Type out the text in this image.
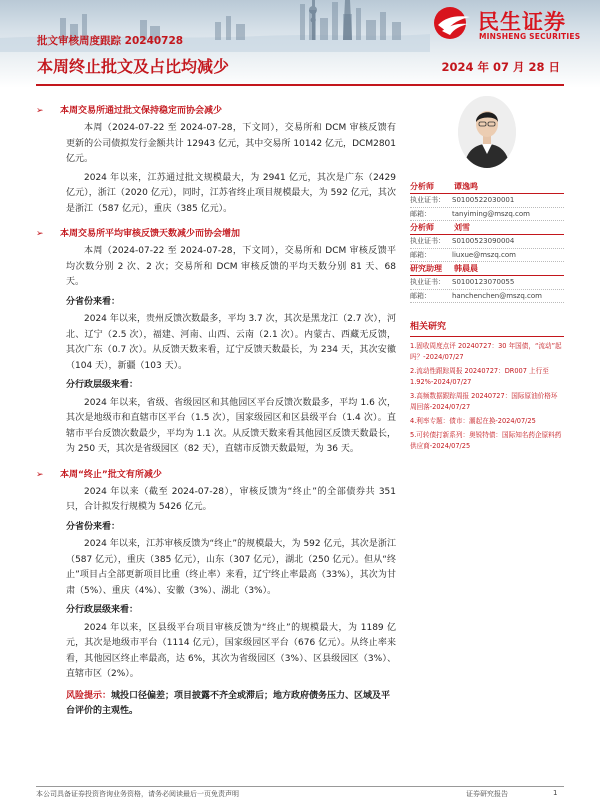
民生证券
MINSHENG SECURITIES
批文审核周度跟踪 20240728
本周终止批文及占比均减少	2024 年 07 月 28 日
➢	本周交易所通过批文保持稳定而协会减少

本周（2024-07-22 至 2024-07-28，下文同），交易所和 DCM 审核反馈有更新的公司债拟发行金额共计 12943 亿元，其中交易所 10142 亿元，DCM2801 亿元。

2024 年以来，江苏通过批文规模最大，为 2941 亿元，其次是广东（2429 亿元），浙江（2020 亿元），同时，江苏省终止项目规模最大，为 592 亿元，其次是浙江（587 亿元），重庆（385 亿元）。

➢	本周交易所平均审核反馈天数减少而协会增加

本周（2024-07-22 至 2024-07-28，下文同），交易所和 DCM 审核反馈平均次数分别 2 次、2 次；交易所和 DCM 审核反馈的平均天数分别 81 天、68 天。

分省份来看：

2024 年以来，贵州反馈次数最多，平均 3.7 次，其次是黑龙江（2.7 次），河北、辽宁（2.5 次），福建、河南、山西、云南（2.1 次）。内蒙古、西藏无反馈，其次广东（0.7 次）。从反馈天数来看，辽宁反馈天数最长，为 234 天，其次安徽（104 天），新疆（103 天）。

分行政层级来看：

2024 年以来，省级、省级园区和其他园区平台反馈次数最多，平均 1.6 次，其次是地级市和直辖市区平台（1.5 次），国家级园区和区县级平台（1.4 次）。直辖市平台反馈次数最少，平均为 1.1 次。从反馈天数来看其他园区反馈天数最长，为 250 天，其次是省级园区（82 天），直辖市反馈天数最短，为 36 天。

➢	本周“终止”批文有所减少

2024 年以来（截至 2024-07-28），审核反馈为“终止”的全部债券共 351 只，合计拟发行规模为 5426 亿元。

分省份来看：

2024 年以来，江苏审核反馈为“终止”的规模最大，为 592 亿元，其次是浙江（587 亿元），重庆（385 亿元），山东（307 亿元），湖北（250 亿元）。但从“终止”项目占全部更新项目比重（终止率）来看，辽宁终止率最高（33%），其次为甘肃（5%）、重庆（4%）、安徽（3%）、湖北（3%）。

分行政层级来看：

2024 年以来，区县级平台项目审核反馈为“终止”的规模最大，为 1189 亿元，其次是地级市平台（1114 亿元），国家级园区平台（676 亿元）。从终止率来看，其他园区终止率最高，达 6%，其次为省级园区（3%）、区县级园区（3%）、直辖市区（2%）。

风险提示：城投口径偏差；项目披露不齐全或滞后；地方政府债务压力、区域及平台评价的主观性。
分析师	谭逸鸣
执业证书：	S0100522030001
邮箱：	tanyiming@mszq.com
分析师	刘雪
执业证书：	S0100523090004
邮箱：	liuxue@mszq.com
研究助理	韩晨晨
执业证书：	S0100123070055
邮箱：	hanchenchen@mszq.com
相关研究
1.固收周度点评 20240727：30 年国债，“流动”起吗？-2024/07/27
2.流动性跟踪周报 20240727：DR007 上行至 1.92%-2024/07/27
3.高频数据跟踪周报 20240727：国际原油价格环周回落-2024/07/27
4.利率专题：债市：潮起在换-2024/07/25
5.可转债打新系列：奥锐特债：国际知名药企原料药供应商-2024/07/25
本公司具备证券投资咨询业务资格，请务必阅读最后一页免责声明	证券研究报告	1
